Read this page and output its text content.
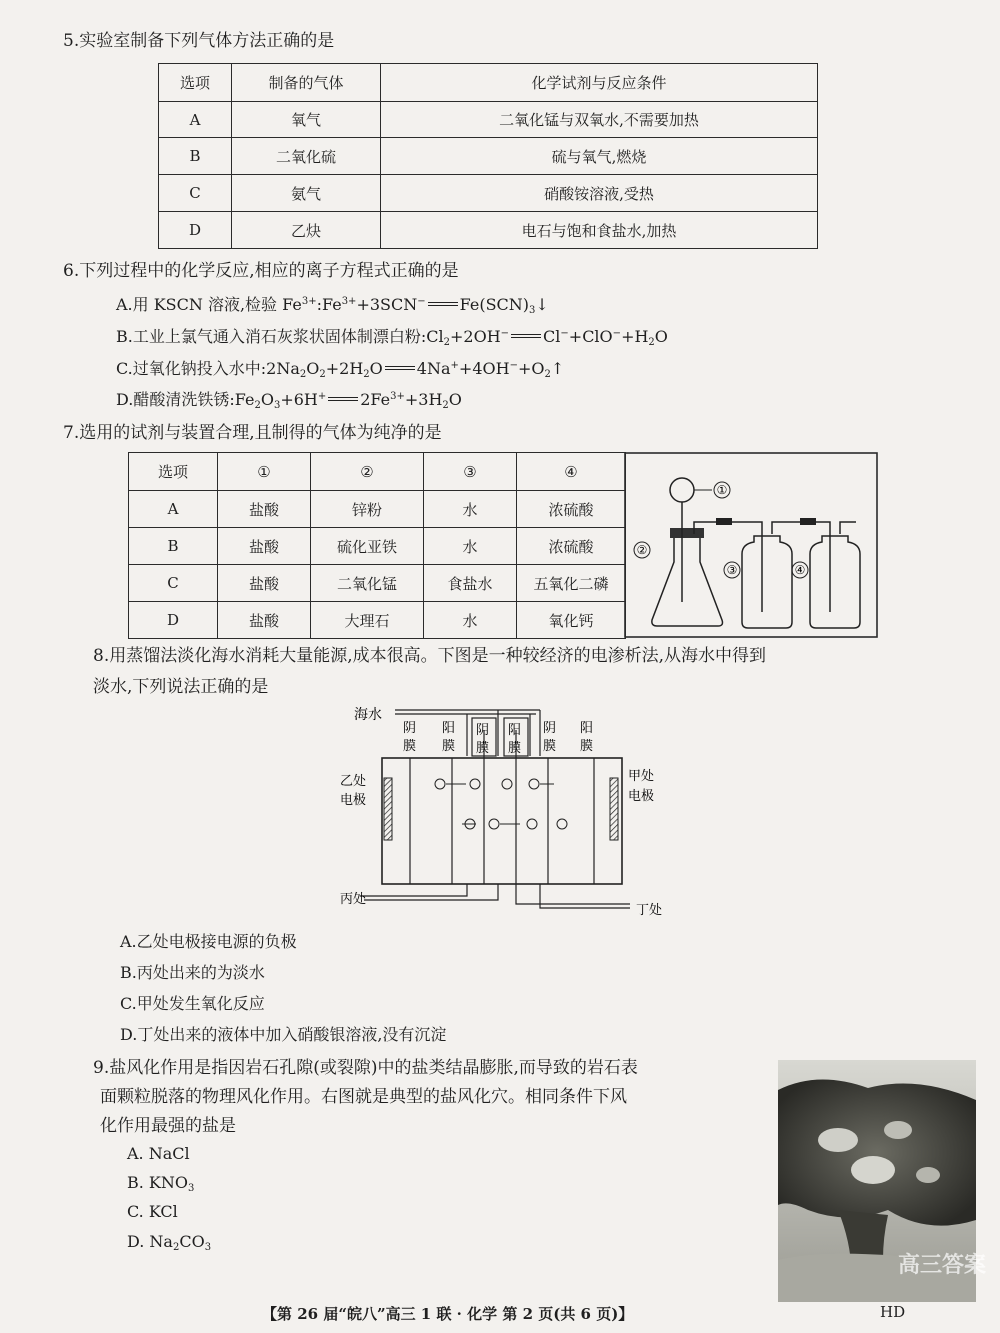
5.实验室制备下列气体方法正确的是
选项	制备的气体	化学试剂与反应条件
A	氧气	二氧化锰与双氧水,不需要加热
B	二氧化硫	硫与氧气,燃烧
C	氨气	硝酸铵溶液,受热
D	乙炔	电石与饱和食盐水,加热
6.下列过程中的化学反应,相应的离子方程式正确的是
A.用 KSCN 溶液,检验 $Fe^{3+}:Fe^{3+}+3SCN^-$ $Fe(SCN)_3↓$
B.工业上氯气通入消石灰浆状固体制漂白粉$:Cl_2+2OH^-$ $Cl^-+ClO^-+H_2O$
C.过氧化钠投入水中$:2Na_2O_2+2H_2O$ $4Na^++4OH^-+O_2↑$
D.醋酸清洗铁锈$:Fe_2O_3+6H^+$ $2Fe^{3+}+3H_2O$
7.选用的试剂与装置合理,且制得的气体为纯净的是
选项	①	②	③	④
A	盐酸	锌粉	水	浓硫酸
B	盐酸	硫化亚铁	水	浓硫酸
C	盐酸	二氧化锰	食盐水	五氧化二磷
D	盐酸	大理石	水	氧化钙
①
②
③	④
8.用蒸馏法淡化海水消耗大量能源,成本很高。下图是一种较经济的电渗析法,从海水中得到
淡水,下列说法正确的是
海水
阴
膜
阳
膜
阴
膜
阳
膜
阴
膜
阳
膜
乙处
电极
甲处
电极
丙处
丁处
A.乙处电极接电源的负极
B.丙处出来的为淡水
C.甲处发生氧化反应
D.丁处出来的液体中加入硝酸银溶液,没有沉淀
9.盐风化作用是指因岩石孔隙(或裂隙)中的盐类结晶膨胀,而导致的岩石表
面颗粒脱落的物理风化作用。右图就是典型的盐风化穴。相同条件下风
化作用最强的盐是
A. NaCl
B. $KNO_3$
C. KCl
D. $Na_2CO_3$
高三答案
【第 26 届“皖八”高三 1 联 · 化学 第 2 页(共 6 页)】	HD
